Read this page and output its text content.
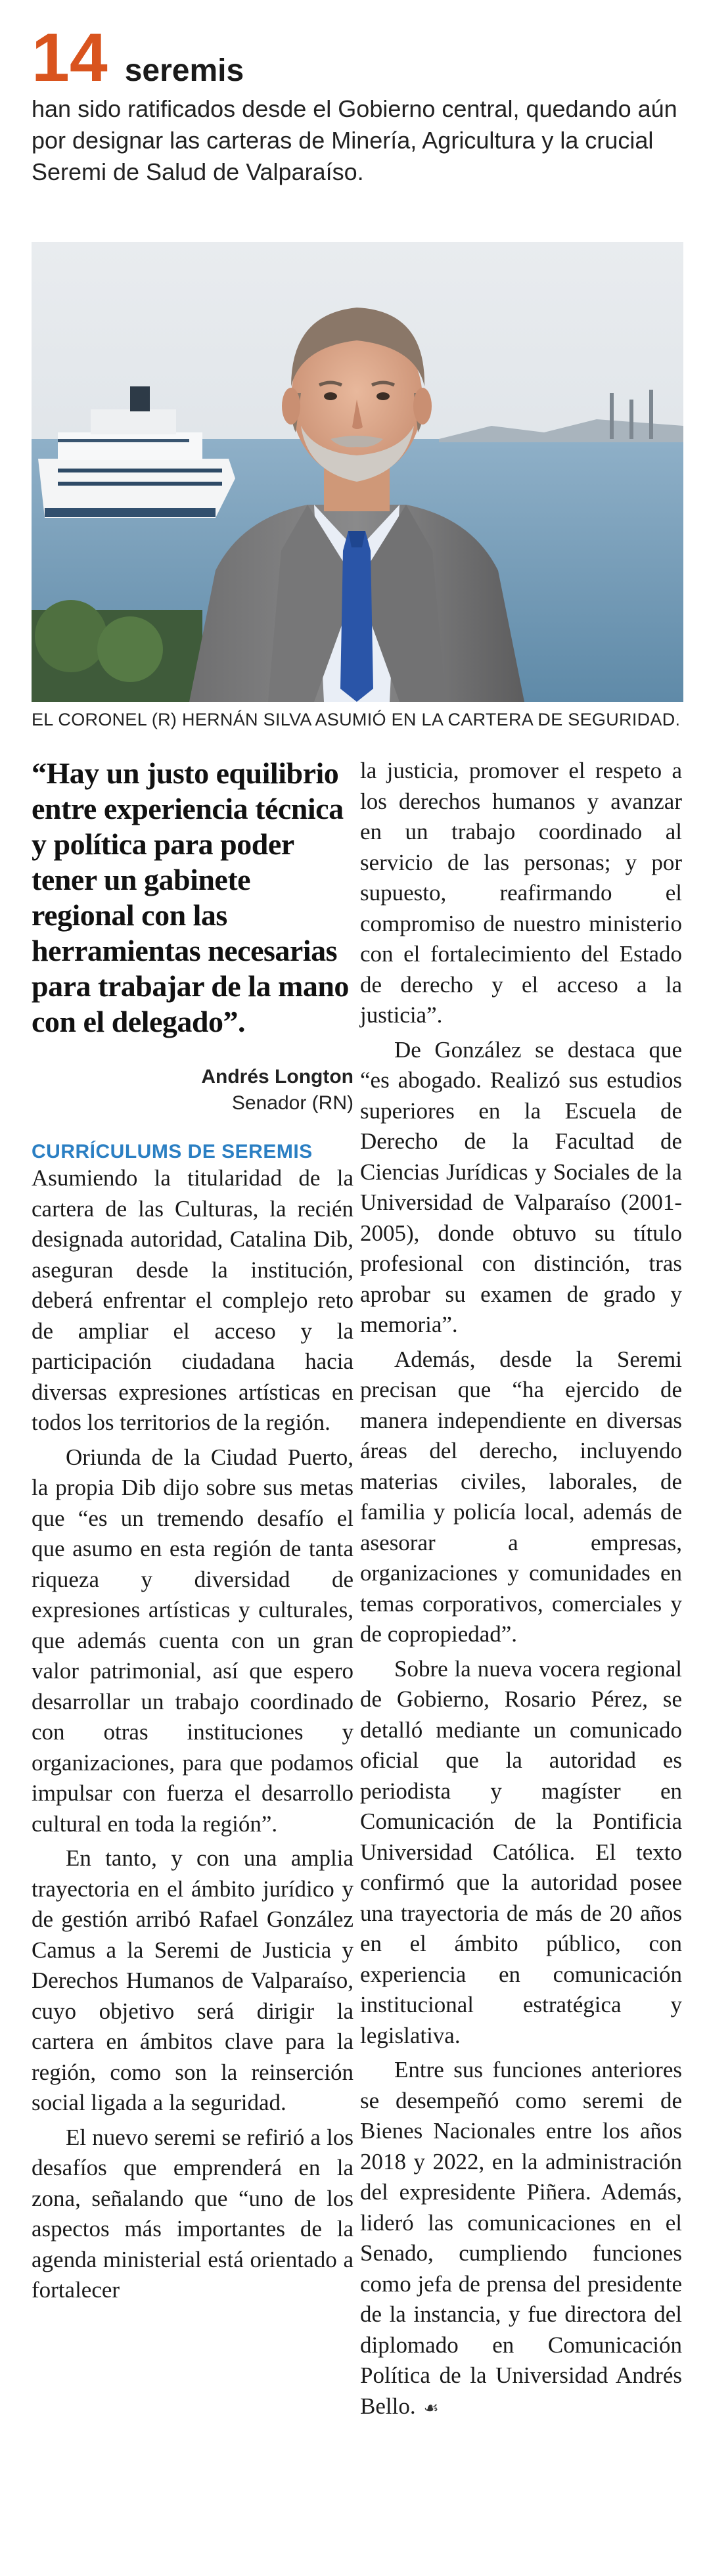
14 seremis
han sido ratificados desde el Gobierno central, quedando aún por designar las carteras de Minería, Agricultura y la crucial Seremi de Salud de Valparaíso.
EL CORONEL (R) HERNÁN SILVA ASUMIÓ EN LA CARTERA DE SEGURIDAD.

“Hay un justo equilibrio entre experiencia técnica y política para poder tener un gabinete regional con las herramientas necesarias para trabajar de la mano con el delegado”.

Andrés Longton
Senador (RN)
CURRÍCULUMS DE SEREMIS

Asumiendo la titularidad de la cartera de las Culturas, la recién designada autoridad, Catalina Dib, aseguran desde la institución, deberá enfrentar el complejo reto de ampliar el acceso y la participación ciudadana hacia diversas expresiones artísticas en todos los territorios de la región.

Oriunda de la Ciudad Puerto, la propia Dib dijo sobre sus metas que “es un tremendo desafío el que asumo en esta región de tanta riqueza y diversidad de expresiones artísticas y culturales, que además cuenta con un gran valor patrimonial, así que espero desarrollar un trabajo coordinado con otras instituciones y organizaciones, para que podamos impulsar con fuerza el desarrollo cultural en toda la región”.

En tanto, y con una amplia trayectoria en el ámbito jurídico y de gestión arribó Rafael González Camus a la Seremi de Justicia y Derechos Humanos de Valparaíso, cuyo objetivo será dirigir la cartera en ámbitos clave para la región, como son la reinserción social ligada a la seguridad.

El nuevo seremi se refirió a los desafíos que emprenderá en la zona, señalando que “uno de los aspectos más importantes de la agenda ministerial está orientado a fortalecer

la justicia, promover el respeto a los derechos humanos y avanzar en un trabajo coordinado al servicio de las personas; y por supuesto, reafirmando el compromiso de nuestro ministerio con el fortalecimiento del Estado de derecho y el acceso a la justicia”.

De González se destaca que “es abogado. Realizó sus estudios superiores en la Escuela de Derecho de la Facultad de Ciencias Jurídicas y Sociales de la Universidad de Valparaíso (2001-2005), donde obtuvo su título profesional con distinción, tras aprobar su examen de grado y memoria”.

Además, desde la Seremi precisan que “ha ejercido de manera independiente en diversas áreas del derecho, incluyendo materias civiles, laborales, de familia y policía local, además de asesorar a empresas, organizaciones y comunidades en temas corporativos, comerciales y de copropiedad”.

Sobre la nueva vocera regional de Gobierno, Rosario Pérez, se detalló mediante un comunicado oficial que la autoridad es periodista y magíster en Comunicación de la Pontificia Universidad Católica. El texto confirmó que la autoridad posee una trayectoria de más de 20 años en el ámbito público, con experiencia en comunicación institucional estratégica y legislativa.

Entre sus funciones anteriores se desempeñó como seremi de Bienes Nacionales entre los años 2018 y 2022, en la administración del expresidente Piñera. Además, lideró las comunicaciones en el Senado, cumpliendo funciones como jefa de prensa del presidente de la instancia, y fue directora del diplomado en Comunicación Política de la Universidad Andrés Bello. ☙
